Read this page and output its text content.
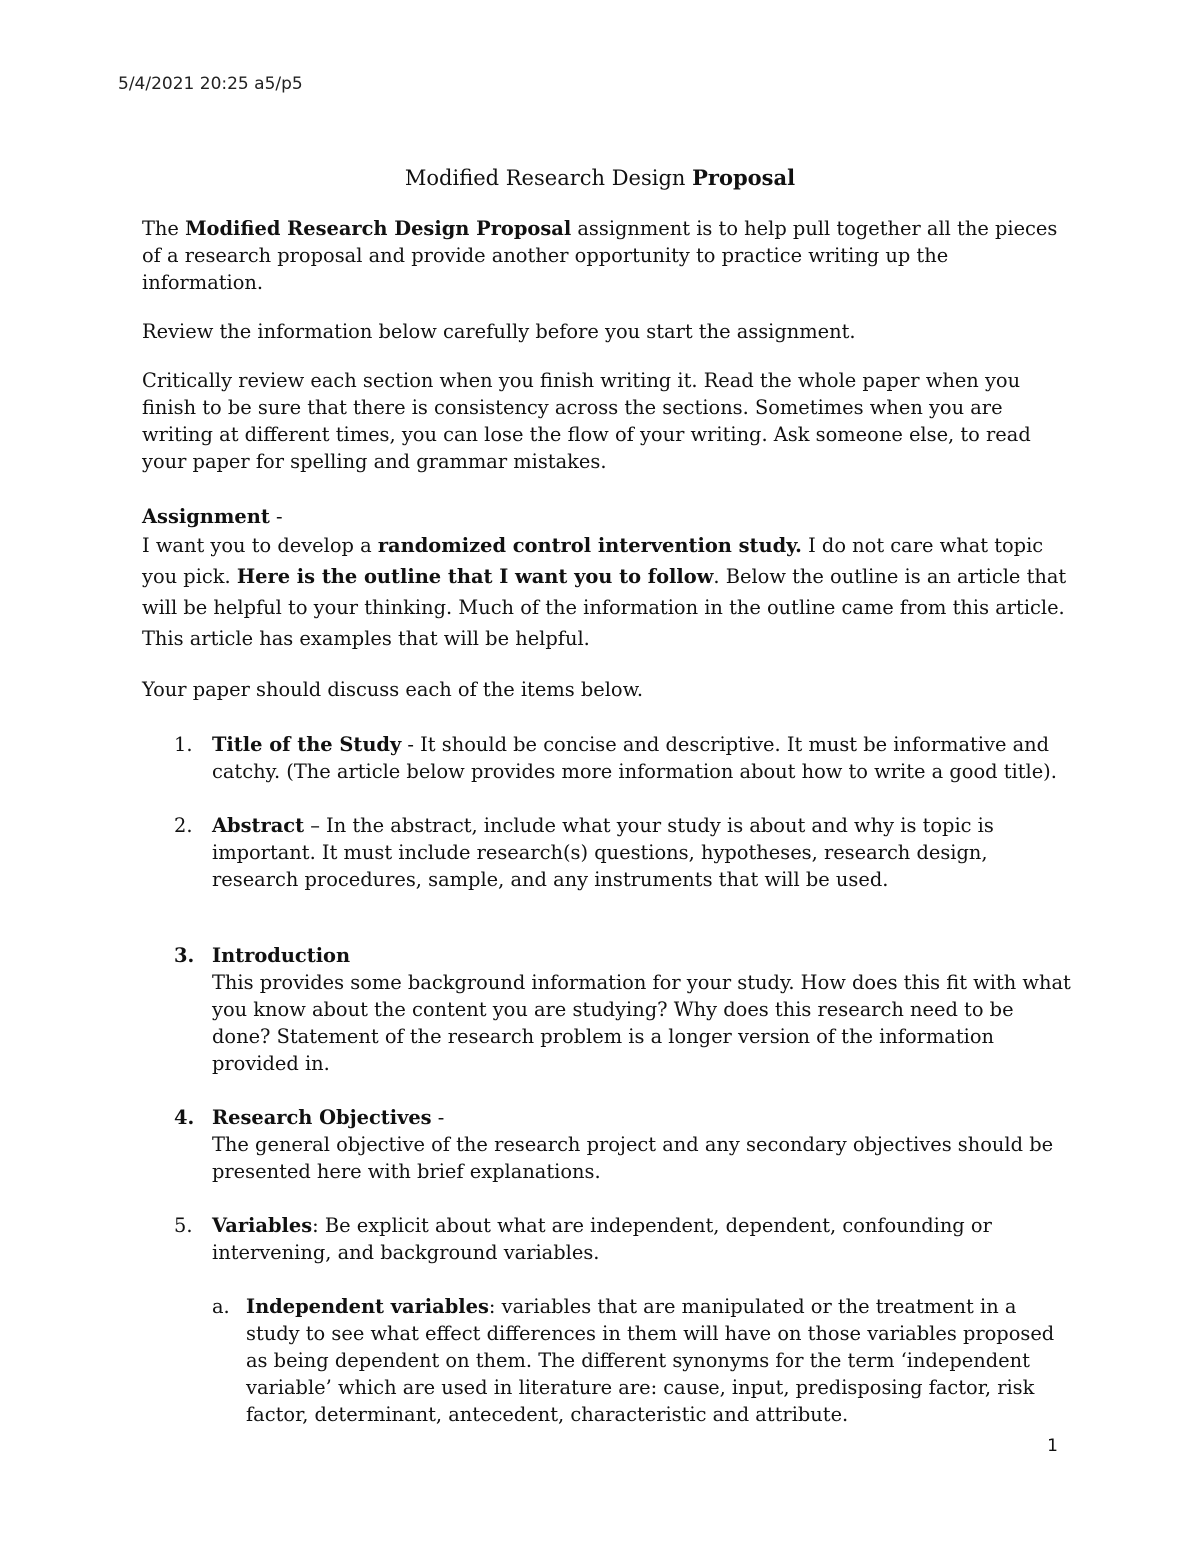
5/4/2021 20:25 a5/p5
Modified Research Design Proposal

The Modified Research Design Proposal assignment is to help pull together all the pieces of a research proposal and provide another opportunity to practice writing up the information.

Review the information below carefully before you start the assignment.

Critically review each section when you finish writing it. Read the whole paper when you finish to be sure that there is consistency across the sections. Sometimes when you are writing at different times, you can lose the flow of your writing. Ask someone else, to read your paper for spelling and grammar mistakes.

Assignment -

I want you to develop a randomized control intervention study. I do not care what topic you pick. Here is the outline that I want you to follow. Below the outline is an article that will be helpful to your thinking. Much of the information in the outline came from this article. This article has examples that will be helpful.

Your paper should discuss each of the items below.

1. Title of the Study - It should be concise and descriptive. It must be informative and catchy. (The article below provides more information about how to write a good title).
2. Abstract – In the abstract, include what your study is about and why is topic is important. It must include research(s) questions, hypotheses, research design, research procedures, sample, and any instruments that will be used.
3. Introduction
This provides some background information for your study. How does this fit with what you know about the content you are studying? Why does this research need to be done? Statement of the research problem is a longer version of the information provided in.
4. Research Objectives -
The general objective of the research project and any secondary objectives should be presented here with brief explanations.
5. Variables: Be explicit about what are independent, dependent, confounding or intervening, and background variables.
a. Independent variables: variables that are manipulated or the treatment in a study to see what effect differences in them will have on those variables proposed as being dependent on them. The different synonyms for the term ‘independent variable’ which are used in literature are: cause, input, predisposing factor, risk factor, determinant, antecedent, characteristic and attribute.
1
